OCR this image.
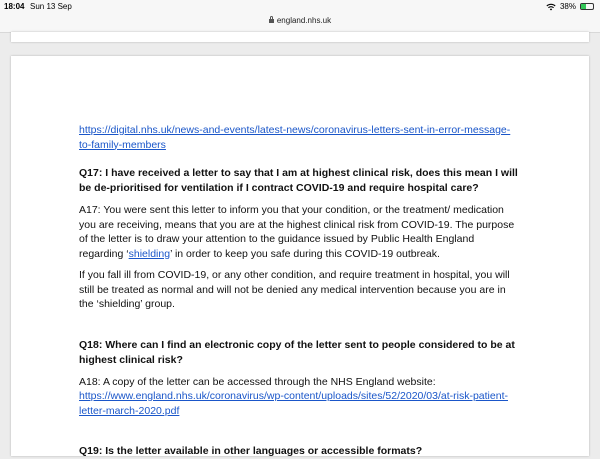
18:04 Sun 13 Sep	38%
england.nhs.uk

https://digital.nhs.uk/news-and-events/latest-news/coronavirus-letters-sent-in-error-message-to-family-members

Q17: I have received a letter to say that I am at highest clinical risk, does this mean I will be de-prioritised for ventilation if I contract COVID-19 and require hospital care?

A17: You were sent this letter to inform you that your condition, or the treatment/ medication you are receiving, means that you are at the highest clinical risk from COVID-19. The purpose of the letter is to draw your attention to the guidance issued by Public Health England regarding ‘shielding’ in order to keep you safe during this COVID-19 outbreak.

If you fall ill from COVID-19, or any other condition, and require treatment in hospital, you will still be treated as normal and will not be denied any medical intervention because you are in the ‘shielding’ group.

Q18: Where can I find an electronic copy of the letter sent to people considered to be at highest clinical risk?

A18: A copy of the letter can be accessed through the NHS England website:

https://www.england.nhs.uk/coronavirus/wp-content/uploads/sites/52/2020/03/at-risk-patient-letter-march-2020.pdf

Q19: Is the letter available in other languages or accessible formats?
